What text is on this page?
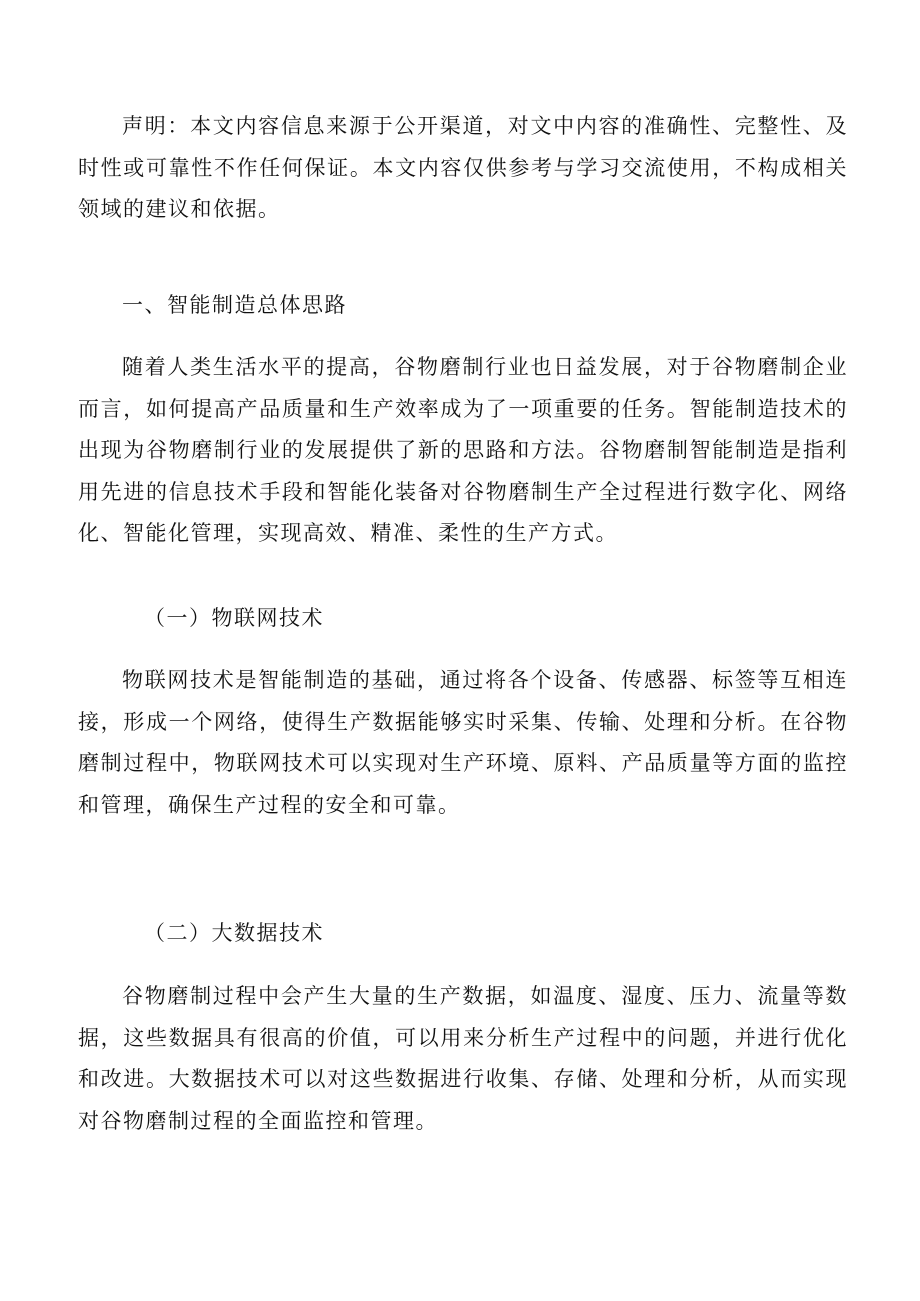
声明：本文内容信息来源于公开渠道，对文中内容的准确性、完整性、及时性或可靠性不作任何保证。本文内容仅供参考与学习交流使用，不构成相关领域的建议和依据。

一、智能制造总体思路

随着人类生活水平的提高，谷物磨制行业也日益发展，对于谷物磨制企业而言，如何提高产品质量和生产效率成为了一项重要的任务。智能制造技术的出现为谷物磨制行业的发展提供了新的思路和方法。谷物磨制智能制造是指利用先进的信息技术手段和智能化装备对谷物磨制生产全过程进行数字化、网络化、智能化管理，实现高效、精准、柔性的生产方式。

（一）物联网技术

物联网技术是智能制造的基础，通过将各个设备、传感器、标签等互相连接，形成一个网络，使得生产数据能够实时采集、传输、处理和分析。在谷物磨制过程中，物联网技术可以实现对生产环境、原料、产品质量等方面的监控和管理，确保生产过程的安全和可靠。

（二）大数据技术

谷物磨制过程中会产生大量的生产数据，如温度、湿度、压力、流量等数据，这些数据具有很高的价值，可以用来分析生产过程中的问题，并进行优化和改进。大数据技术可以对这些数据进行收集、存储、处理和分析，从而实现对谷物磨制过程的全面监控和管理。
